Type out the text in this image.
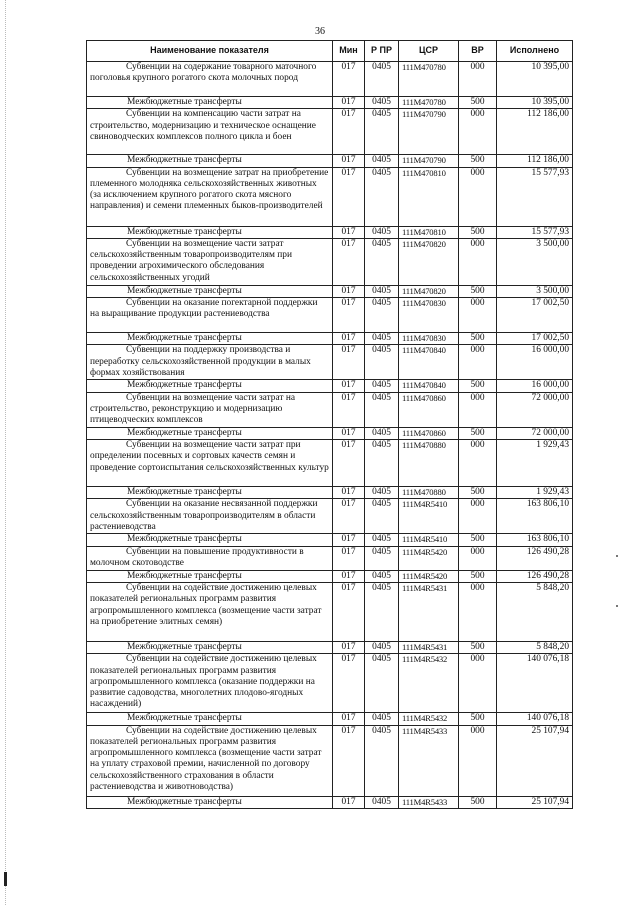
36
Наименование показателя	Мин	Р ПР	ЦСР	ВР	Исполнено
Субвенции на содержание товарного маточного поголовья крупного рогатого скота молочных пород	017	0405	111М470780	000	10 395,00
Межбюджетные трансферты	017	0405	111М470780	500	10 395,00
Субвенции на компенсацию части затрат на строительство, модернизацию и техническое оснащение свиноводческих комплексов полного цикла и боен	017	0405	111М470790	000	112 186,00
Межбюджетные трансферты	017	0405	111М470790	500	112 186,00
Субвенции на возмещение затрат на приобретение племенного молодняка сельскохозяйственных животных (за исключением крупного рогатого скота мясного направления) и семени племенных быков-производителей	017	0405	111М470810	000	15 577,93
Межбюджетные трансферты	017	0405	111М470810	500	15 577,93
Субвенции на возмещение части затрат сельскохозяйственным товаропроизводителям при проведении агрохимического обследования сельскохозяйственных угодий	017	0405	111М470820	000	3 500,00
Межбюджетные трансферты	017	0405	111М470820	500	3 500,00
Субвенции на оказание погектарной поддержки на выращивание продукции растениеводства	017	0405	111М470830	000	17 002,50
Межбюджетные трансферты	017	0405	111М470830	500	17 002,50
Субвенции на поддержку производства и переработку сельскохозяйственной продукции в малых формах хозяйствования	017	0405	111М470840	000	16 000,00
Межбюджетные трансферты	017	0405	111М470840	500	16 000,00
Субвенции на возмещение части затрат на строительство, реконструкцию и модернизацию птицеводческих комплексов	017	0405	111М470860	000	72 000,00
Межбюджетные трансферты	017	0405	111М470860	500	72 000,00
Субвенции на возмещение части затрат при определении посевных и сортовых качеств семян и проведение сортоиспытания сельскохозяйственных культур	017	0405	111М470880	000	1 929,43
Межбюджетные трансферты	017	0405	111М470880	500	1 929,43
Субвенции на оказание несвязанной поддержки сельскохозяйственным товаропроизводителям в области растениеводства	017	0405	111М4R5410	000	163 806,10
Межбюджетные трансферты	017	0405	111М4R5410	500	163 806,10
Субвенции на повышение продуктивности в молочном скотоводстве	017	0405	111М4R5420	000	126 490,28
Межбюджетные трансферты	017	0405	111М4R5420	500	126 490,28
Субвенции на содействие достижению целевых показателей региональных программ развития агропромышленного комплекса (возмещение части затрат на приобретение элитных семян)	017	0405	111М4R5431	000	5 848,20
Межбюджетные трансферты	017	0405	111М4R5431	500	5 848,20
Субвенции на содействие достижению целевых показателей региональных программ развития агропромышленного комплекса (оказание поддержки на развитие садоводства, многолетних плодово-ягодных насаждений)	017	0405	111М4R5432	000	140 076,18
Межбюджетные трансферты	017	0405	111М4R5432	500	140 076,18
Субвенции на содействие достижению целевых показателей региональных программ развития агропромышленного комплекса (возмещение части затрат на уплату страховой премии, начисленной по договору сельскохозяйственного страхования в области растениеводства и животноводства)	017	0405	111М4R5433	000	25 107,94
Межбюджетные трансферты	017	0405	111М4R5433	500	25 107,94
